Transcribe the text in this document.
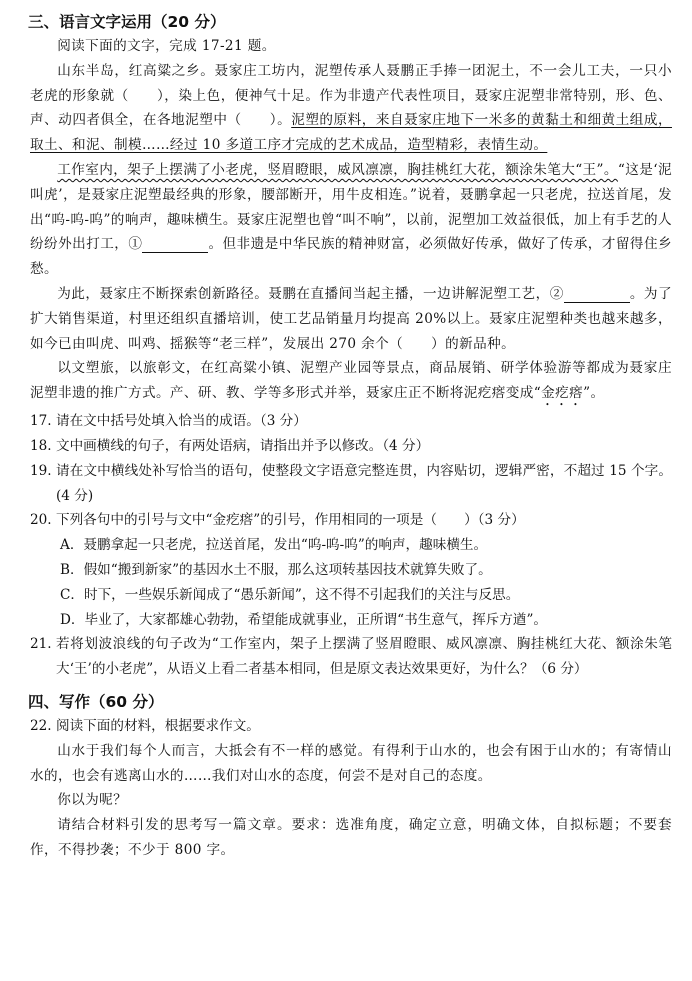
三、语言文字运用（20 分）
阅读下面的文字，完成 17-21 题。
山东半岛，红高粱之乡。聂家庄工坊内，泥塑传承人聂鹏正手捧一团泥土，不一会儿工夫，一只小老虎的形象就（　　），染上色，便神气十足。作为非遗产代表性项目，聂家庄泥塑非常特别，形、色、声、动四者俱全，在各地泥塑中（　　）。泥塑的原料，来自聂家庄地下一米多的黄黏土和细黄土组成，取土、和泥、制模……经过 10 多道工序才完成的艺术成品，造型精彩，表情生动。
工作室内，架子上摆满了小老虎，竖眉瞪眼，威风凛凛，胸挂桃红大花，额涂朱笔大“王”。“这是‘泥叫虎’，是聂家庄泥塑最经典的形象，腰部断开，用牛皮相连。”说着，聂鹏拿起一只老虎，拉送首尾，发出“呜-呜-呜”的响声，趣味横生。聂家庄泥塑也曾“叫不响”，以前，泥塑加工效益很低，加上有手艺的人纷纷外出打工，①	。但非遗是中华民族的精神财富，必须做好传承，做好了传承，才留得住乡愁。
为此，聂家庄不断探索创新路径。聂鹏在直播间当起主播，一边讲解泥塑工艺，②	。为了扩大销售渠道，村里还组织直播培训，使工艺品销量月均提高 20%以上。聂家庄泥塑种类也越来越多，如今已由叫虎、叫鸡、摇猴等“老三样”，发展出 270 余个（　　）的新品种。
以文塑旅，以旅彰文，在红高粱小镇、泥塑产业园等景点，商品展销、研学体验游等都成为聂家庄泥塑非遗的推广方式。产、研、教、学等多形式并举，聂家庄正不断将泥疙瘩变成“金疙瘩”。
17. 请在文中括号处填入恰当的成语。（3 分）
18. 文中画横线的句子，有两处语病，请指出并予以修改。（4 分）
19. 请在文中横线处补写恰当的语句，使整段文字语意完整连贯，内容贴切，逻辑严密，不超过 15 个字。(4 分)
20. 下列各句中的引号与文中“金疙瘩”的引号，作用相同的一项是（　　）（3 分）
A．聂鹏拿起一只老虎，拉送首尾，发出“呜-呜-呜”的响声，趣味横生。
B．假如“搬到新家”的基因水土不服，那么这项转基因技术就算失败了。
C．时下，一些娱乐新闻成了“愚乐新闻”，这不得不引起我们的关注与反思。
D．毕业了，大家都雄心勃勃，希望能成就事业，正所谓“书生意气，挥斥方遒”。
21. 若将划波浪线的句子改为“工作室内，架子上摆满了竖眉瞪眼、威风凛凛、胸挂桃红大花、额涂朱笔大‘王’的小老虎”，从语义上看二者基本相同，但是原文表达效果更好，为什么？（6 分）
四、写作（60 分）
22. 阅读下面的材料，根据要求作文。
山水于我们每个人而言，大抵会有不一样的感觉。有得利于山水的，也会有困于山水的；有寄情山水的，也会有逃离山水的……我们对山水的态度，何尝不是对自己的态度。
你以为呢？
请结合材料引发的思考写一篇文章。要求：选准角度，确定立意，明确文体，自拟标题；不要套作，不得抄袭；不少于 800 字。
